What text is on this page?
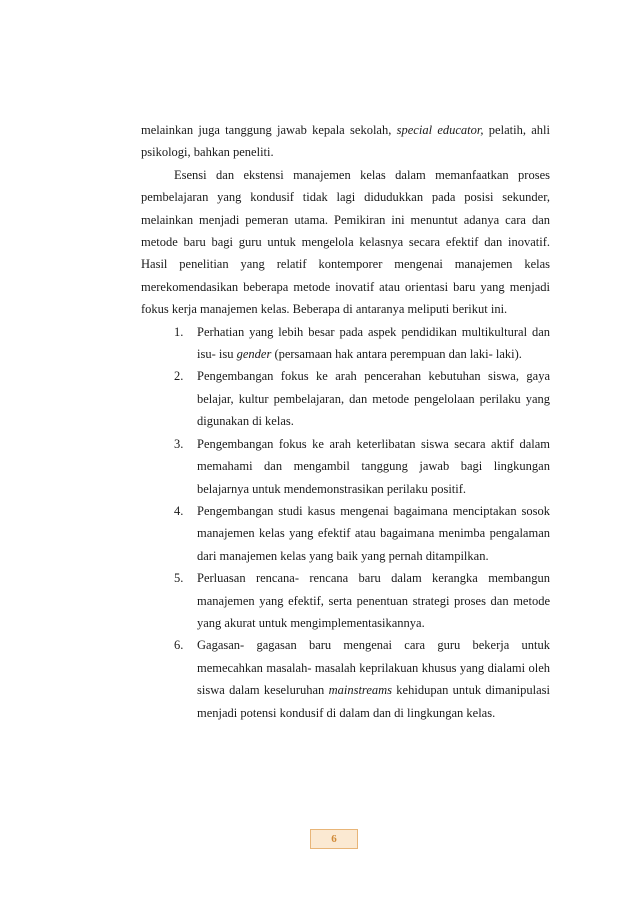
melainkan juga tanggung jawab kepala sekolah, special educator, pelatih, ahli psikologi, bahkan peneliti.

Esensi dan ekstensi manajemen kelas dalam memanfaatkan proses pembelajaran yang kondusif tidak lagi didudukkan pada posisi sekunder, melainkan menjadi pemeran utama. Pemikiran ini menuntut adanya cara dan metode baru bagi guru untuk mengelola kelasnya secara efektif dan inovatif. Hasil penelitian yang relatif kontemporer mengenai manajemen kelas merekomendasikan beberapa metode inovatif atau orientasi baru yang menjadi fokus kerja manajemen kelas. Beberapa di antaranya meliputi berikut ini.

1. Perhatian yang lebih besar pada aspek pendidikan multikultural dan isu- isu gender (persamaan hak antara perempuan dan laki- laki).
2. Pengembangan fokus ke arah pencerahan kebutuhan siswa, gaya belajar, kultur pembelajaran, dan metode pengelolaan perilaku yang digunakan di kelas.
3. Pengembangan fokus ke arah keterlibatan siswa secara aktif dalam memahami dan mengambil tanggung jawab bagi lingkungan belajarnya untuk mendemonstrasikan perilaku positif.
4. Pengembangan studi kasus mengenai bagaimana menciptakan sosok manajemen kelas yang efektif atau bagaimana menimba pengalaman dari manajemen kelas yang baik yang pernah ditampilkan.
5. Perluasan rencana- rencana baru dalam kerangka membangun manajemen yang efektif, serta penentuan strategi proses dan metode yang akurat untuk mengimplementasikannya.
6. Gagasan- gagasan baru mengenai cara guru bekerja untuk memecahkan masalah- masalah keprilakuan khusus yang dialami oleh siswa dalam keseluruhan mainstreams kehidupan untuk dimanipulasi menjadi potensi kondusif di dalam dan di lingkungan kelas.
6
